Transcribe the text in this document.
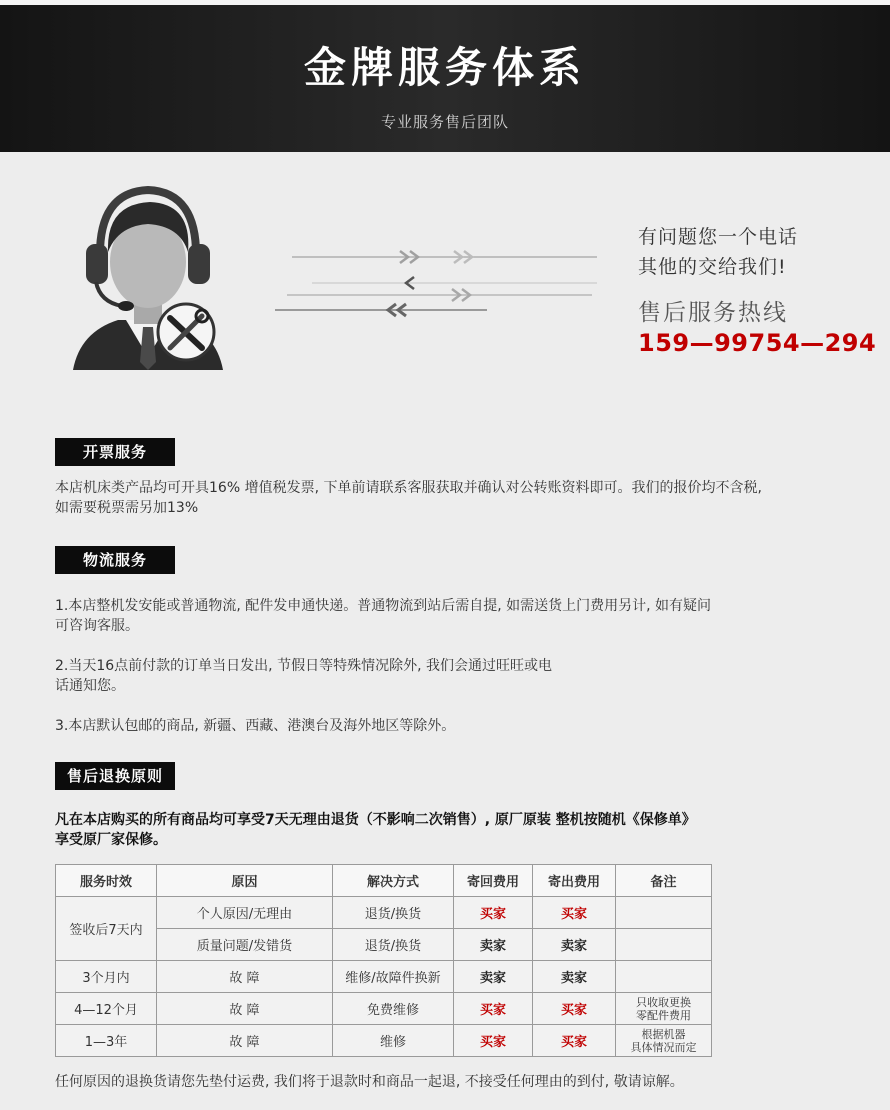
金牌服务体系
专业服务售后团队
有问题您一个电话
其他的交给我们!
售后服务热线
159—99754—294
开票服务
本店机床类产品均可开具16% 增值税发票, 下单前请联系客服获取并确认对公转账资料即可。我们的报价均不含税,
如需要税票需另加13%
物流服务
1.本店整机发安能或普通物流, 配件发申通快递。普通物流到站后需自提, 如需送货上门费用另计, 如有疑问
可咨询客服。
2.当天16点前付款的订单当日发出, 节假日等特殊情况除外, 我们会通过旺旺或电
话通知您。
3.本店默认包邮的商品, 新疆、西藏、港澳台及海外地区等除外。
售后退换原则
凡在本店购买的所有商品均可享受7天无理由退货（不影响二次销售）, 原厂原装 整机按随机《保修单》
享受原厂家保修。
服务时效	原因	解决方式	寄回费用	寄出费用	备注
签收后7天内	个人原因/无理由	退货/换货	买家	买家	
	质量问题/发错货	退货/换货	卖家	卖家	
3个月内	故 障	维修/故障件换新	卖家	卖家	
4—12个月	故 障	免费维修	买家	买家	只收取更换
零配件费用

1—3年	故 障	维修	买家	买家	根据机器
具体情况而定
任何原因的退换货请您先垫付运费, 我们将于退款时和商品一起退, 不接受任何理由的到付, 敬请谅解。
